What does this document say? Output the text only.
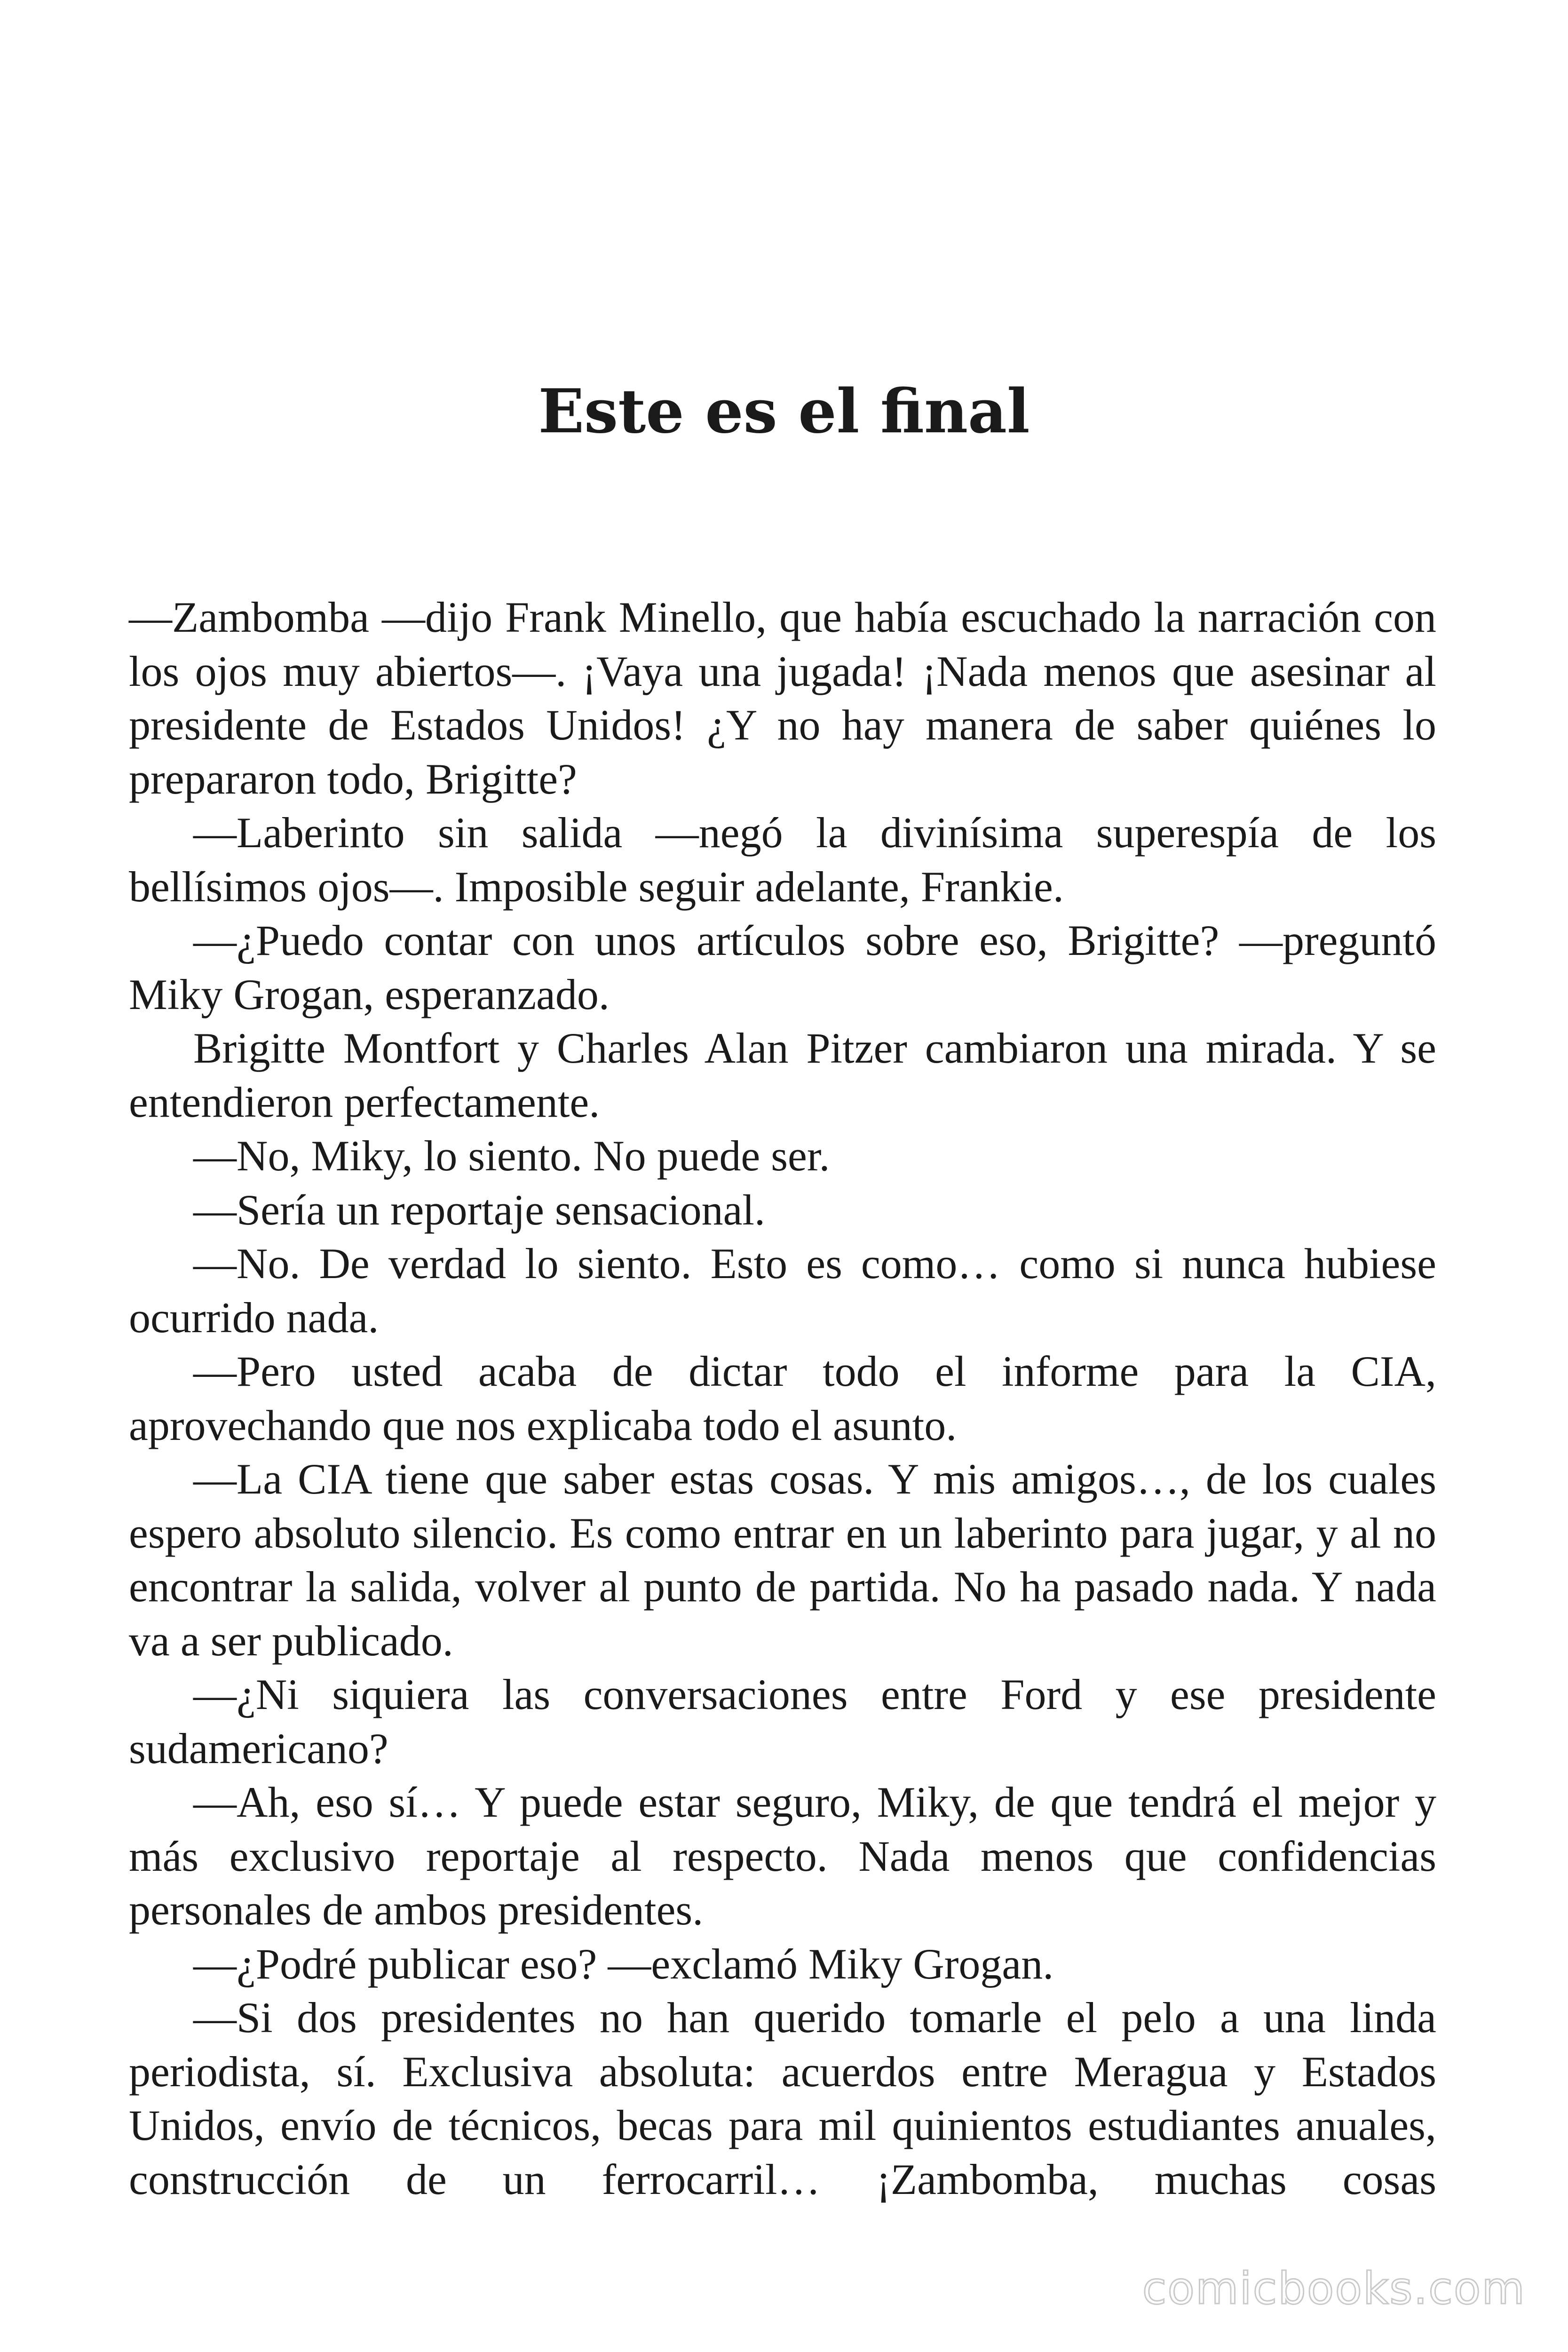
Este es el final

—Zambomba —dijo Frank Minello, que había escuchado la narración con los ojos muy abiertos—. ¡Vaya una jugada! ¡Nada menos que asesinar al presidente de Estados Unidos! ¿Y no hay manera de saber quiénes lo prepararon todo, Brigitte?

—Laberinto sin salida —negó la divinísima superespía de los bellísimos ojos—. Imposible seguir adelante, Frankie.

—¿Puedo contar con unos artículos sobre eso, Brigitte? —preguntó Miky Grogan, esperanzado.

Brigitte Montfort y Charles Alan Pitzer cambiaron una mirada. Y se entendieron perfectamente.

—No, Miky, lo siento. No puede ser.

—Sería un reportaje sensacional.

—No. De verdad lo siento. Esto es como… como si nunca hubiese ocurrido nada.

—Pero usted acaba de dictar todo el informe para la CIA, aprovechando que nos explicaba todo el asunto.

—La CIA tiene que saber estas cosas. Y mis amigos…, de los cuales espero absoluto silencio. Es como entrar en un laberinto para jugar, y al no encontrar la salida, volver al punto de partida. No ha pasado nada. Y nada va a ser publicado.

—¿Ni siquiera las conversaciones entre Ford y ese presidente sudamericano?

—Ah, eso sí… Y puede estar seguro, Miky, de que tendrá el mejor y más exclusivo reportaje al respecto. Nada menos que confidencias personales de ambos presidentes.

—¿Podré publicar eso? —exclamó Miky Grogan.

—Si dos presidentes no han querido tomarle el pelo a una linda periodista, sí. Exclusiva absoluta: acuerdos entre Meragua y Estados Unidos, envío de técnicos, becas para mil quinientos estudiantes anuales, construcción de un ferrocarril… ¡Zambomba, muchas cosas

comicbooks.com
